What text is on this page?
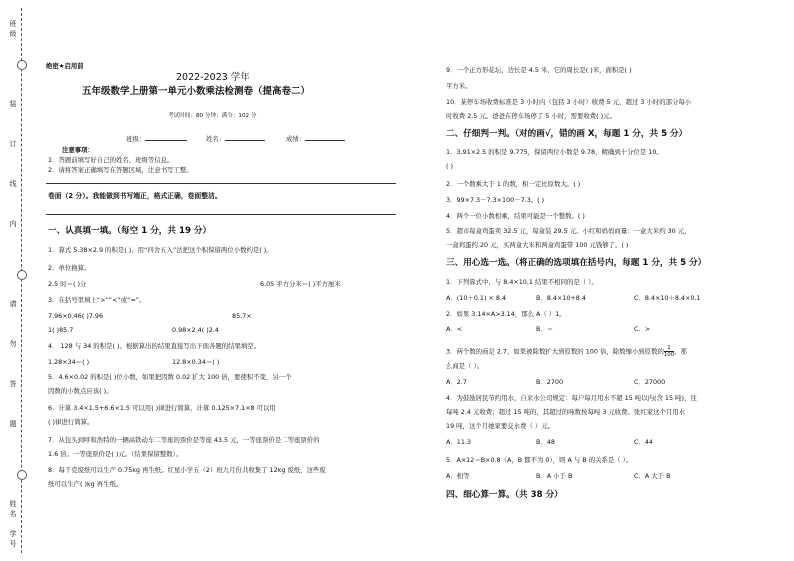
装
订
线
内
请
勿
答
题
班
级
姓
名
学
号
绝密★启用前
2022-2023 学年
五年级数学上册第一单元小数乘法检测卷（提高卷二）
考试时间：80 分钟；满分：102 分
班级：	姓名：	成绩：
注意事项：
1．答题前填写好自己的姓名、班级等信息。
2．请将答案正确填写在答题区域，注意书写工整。
卷面（2 分）。我能做到书写端正，格式正确，卷面整洁。
一、认真填一填。（每空 1 分，共 19 分）
1．算式 5.38×2.9 的积是( )、用“四舍五入”法把这个积保留两位小数约是( )。
2．单位换算。
2.5 时＝( )分	6.05 平方分米＝( )平方厘米
3．在括号里填上“>”“<”或“=”。
7.96×0.46( )7.96	85.7×
1( )85.7	0.98×2.4( )2.4
4． 128 与 34 的积是( )。根据算出的结果直接写出下面各题的结果填空。
1.28×34＝( )	12.8×0.34＝( )
5．4.6×0.02 的积是( )位小数，如果把因数 0.02 扩大 100 倍，要使积不变，另一个
因数的小数点应该( )。
6．计算 3.4×1.5+6.6×1.5 可以用( )律进行简算，计算 0.125×7.1×8 可以用
( )律进行简算。
7．从包头到呼和浩特的一辆高铁动车二等座的票价是等座 43.5 元，一等座票价是二等座票价的
1.6 倍。一等座票价是( )元。（结果保留整数）。
8．每千克废纸可以生产 0.75kg 再生纸。红星小学五（2）班九月份共收集了 12kg 废纸，这些废
纸可以生产( )kg 再生纸。
9．一个正方形花坛，边长是 4.5 米，它的周长是( )米，面积是( )
平方米。
10．某停车场收费标准是 3 小时内（包括 3 小时）收费 5 元，超过 3 小时的部分每小
时收费 2.5 元。爸爸在停车场停了 5 小时，需要收费( )元。
二、仔细判一判。（对的画√，错的画 X，每题 1 分，共 5 分）
1．3.91×2.5 的积是 9.775，保留两位小数是 9.78，精确到十分位是 10。
( )
2．一个数乘大于 1 的数，积一定比原数大。( )
3．99×7.3－7.3×100－7.3。( )
4．两个一位小数相乘，结果可能是一个整数。( )
5．超市每盒鸡蛋卖 32.5 元，每盒装 29.5 元。小红和妈妈商量：一盒大米约 30 元，
一盒鸡蛋约 20 元，买两盒大米和两盒鸡蛋带 100 元钱够了。( )
三、用心选一选。（将正确的选项填在括号内，每题 1 分，共 5 分）
1．下列算式中，与 8.4×10.1 结果不相同的是（ ）。
A．(10＋0.1) × 8.4	B．8.4×10+8.4	C．8.4×10＋8.4×0.1
2．如果 3.14×A>3.14，那么 A（ ）1。
A．<	B．＝	C．>
3．两个数的商是 2.7，如果被除数扩大到原数的 100 倍，除数缩小到原数的 $\frac{1}{100}$ ，那
么商是（ ）。
A．2.7	B．2700	C．27000
4．为鼓励居民节约用水，自来水公司规定：每户每月用水不超 15 吨以内(含 15 吨)，往
每吨 2.4 元收费；超过 15 吨的，其超过的吨数按每吨 3 元收费。张红家这个月用水
19 吨，这个月她家要交水费（ ）元。
A．11.3	B．48	C．44
5．A×12＝B×0.8（A，B 都不为 0），则 A 与 B 的关系是（ ）。
A．相等	B．A 小于 B	C．A 大于 B
四、细心算一算。（共 38 分）
